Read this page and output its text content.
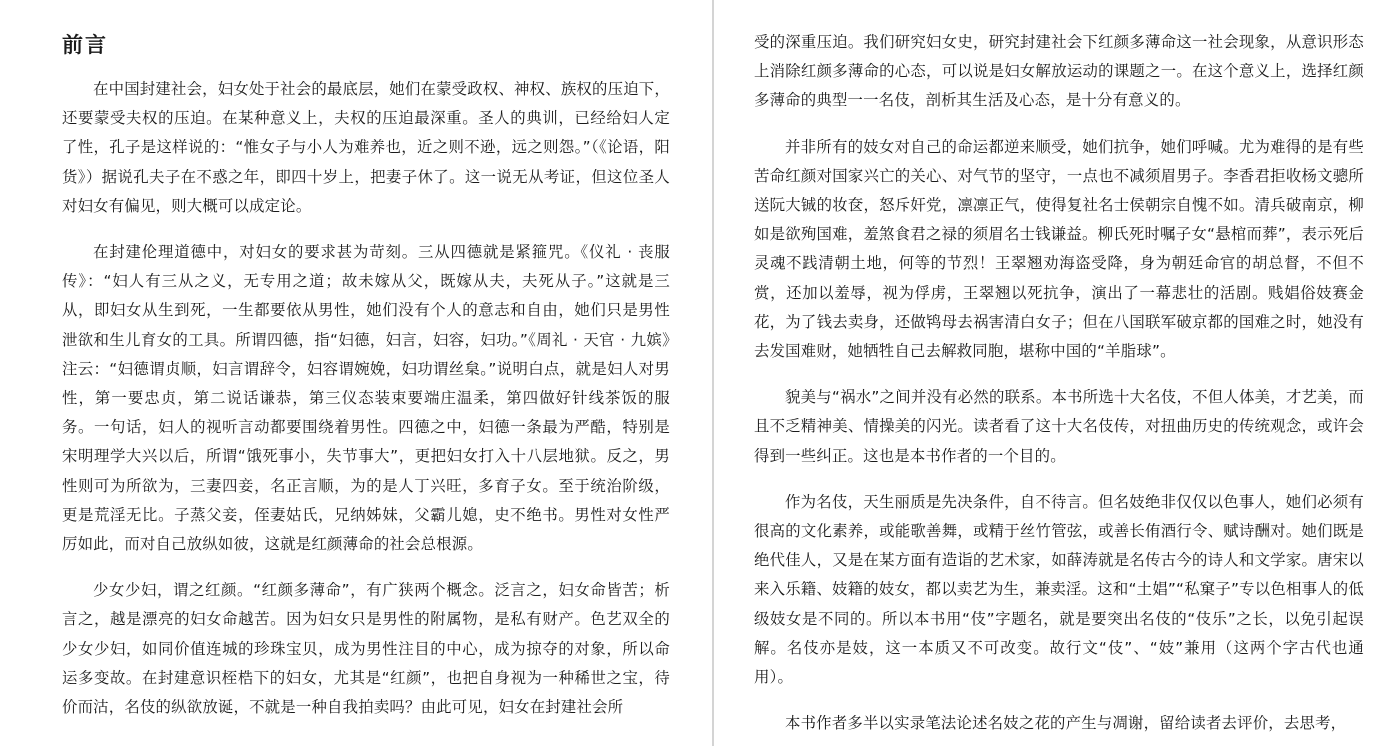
前言

在中国封建社会，妇女处于社会的最底层，她们在蒙受政权、神权、族权的压迫下，还要蒙受夫权的压迫。在某种意义上，夫权的压迫最深重。圣人的典训，已经给妇人定了性，孔子是这样说的：“惟女子与小人为难养也，近之则不逊，远之则怨。”（《论语，阳货》）据说孔夫子在不惑之年，即四十岁上，把妻子休了。这一说无从考证，但这位圣人对妇女有偏见，则大概可以成定论。

在封建伦理道德中，对妇女的要求甚为苛刻。三从四德就是紧箍咒。《仪礼 · 丧服传》：“妇人有三从之义，无专用之道；故未嫁从父，既嫁从夫，夫死从子。”这就是三从，即妇女从生到死，一生都要依从男性，她们没有个人的意志和自由，她们只是男性泄欲和生儿育女的工具。所谓四德，指“妇德，妇言，妇容，妇功。”《周礼 · 天官 · 九嫔》注云：“妇德谓贞顺，妇言谓辞令，妇容谓婉娩，妇功谓丝枲。”说明白点，就是妇人对男性，第一要忠贞，第二说话谦恭，第三仪态装束要端庄温柔，第四做好针线茶饭的服务。一句话，妇人的视听言动都要围绕着男性。四德之中，妇德一条最为严酷，特别是宋明理学大兴以后，所谓“饿死事小，失节事大”，更把妇女打入十八层地狱。反之，男性则可为所欲为，三妻四妾，名正言顺，为的是人丁兴旺，多育子女。至于统治阶级，更是荒淫无比。子蒸父妾，侄妻姑氏，兄纳姊妹，父霸儿媳，史不绝书。男性对女性严厉如此，而对自己放纵如彼，这就是红颜薄命的社会总根源。

少女少妇，谓之红颜。“红颜多薄命”，有广狭两个概念。泛言之，妇女命皆苦；析言之，越是漂亮的妇女命越苦。因为妇女只是男性的附属物，是私有财产。色艺双全的少女少妇，如同价值连城的珍珠宝贝，成为男性注目的中心，成为掠夺的对象，所以命运多变故。在封建意识桎梏下的妇女，尤其是“红颜”，也把自身视为一种稀世之宝，待价而沽，名伎的纵欲放诞，不就是一种自我拍卖吗？由此可见，妇女在封建社会所

受的深重压迫。我们研究妇女史，研究封建社会下红颜多薄命这一社会现象，从意识形态上消除红颜多薄命的心态，可以说是妇女解放运动的课题之一。在这个意义上，选择红颜多薄命的典型一一名伎，剖析其生活及心态，是十分有意义的。

并非所有的妓女对自己的命运都逆来顺受，她们抗争，她们呼喊。尤为难得的是有些苦命红颜对国家兴亡的关心、对气节的坚守，一点也不减须眉男子。李香君拒收杨文骢所送阮大铖的妆奁，怒斥奸党，凛凛正气，使得复社名士侯朝宗自愧不如。清兵破南京，柳如是欲殉国难，羞煞食君之禄的须眉名士钱谦益。柳氏死时嘱子女“悬棺而葬”，表示死后灵魂不践清朝土地，何等的节烈！王翠翘劝海盗受降，身为朝廷命官的胡总督，不但不赏，还加以羞辱，视为俘虏，王翠翘以死抗争，演出了一幕悲壮的活剧。贱娼俗妓赛金花，为了钱去卖身，还做鸨母去祸害清白女子；但在八国联军破京都的国难之时，她没有去发国难财，她牺牲自己去解救同胞，堪称中国的“羊脂球”。

貌美与“祸水”之间并没有必然的联系。本书所选十大名伎，不但人体美，才艺美，而且不乏精神美、情操美的闪光。读者看了这十大名伎传，对扭曲历史的传统观念，或许会得到一些纠正。这也是本书作者的一个目的。

作为名伎，天生丽质是先决条件，自不待言。但名妓绝非仅仅以色事人，她们必须有很高的文化素养，或能歌善舞，或精于丝竹管弦，或善长侑酒行令、赋诗酬对。她们既是绝代佳人，又是在某方面有造诣的艺术家，如薛涛就是名传古今的诗人和文学家。唐宋以来入乐籍、妓籍的妓女，都以卖艺为生，兼卖淫。这和“土娼”“私窠子”专以色相事人的低级妓女是不同的。所以本书用“伎”字题名，就是要突出名伎的“伎乐”之长，以免引起误解。名伎亦是妓，这一本质又不可改变。故行文“伎”、“妓”兼用（这两个字古代也通用）。

本书作者多半以实录笔法论述名妓之花的产生与凋谢，留给读者去评价，去思考，
